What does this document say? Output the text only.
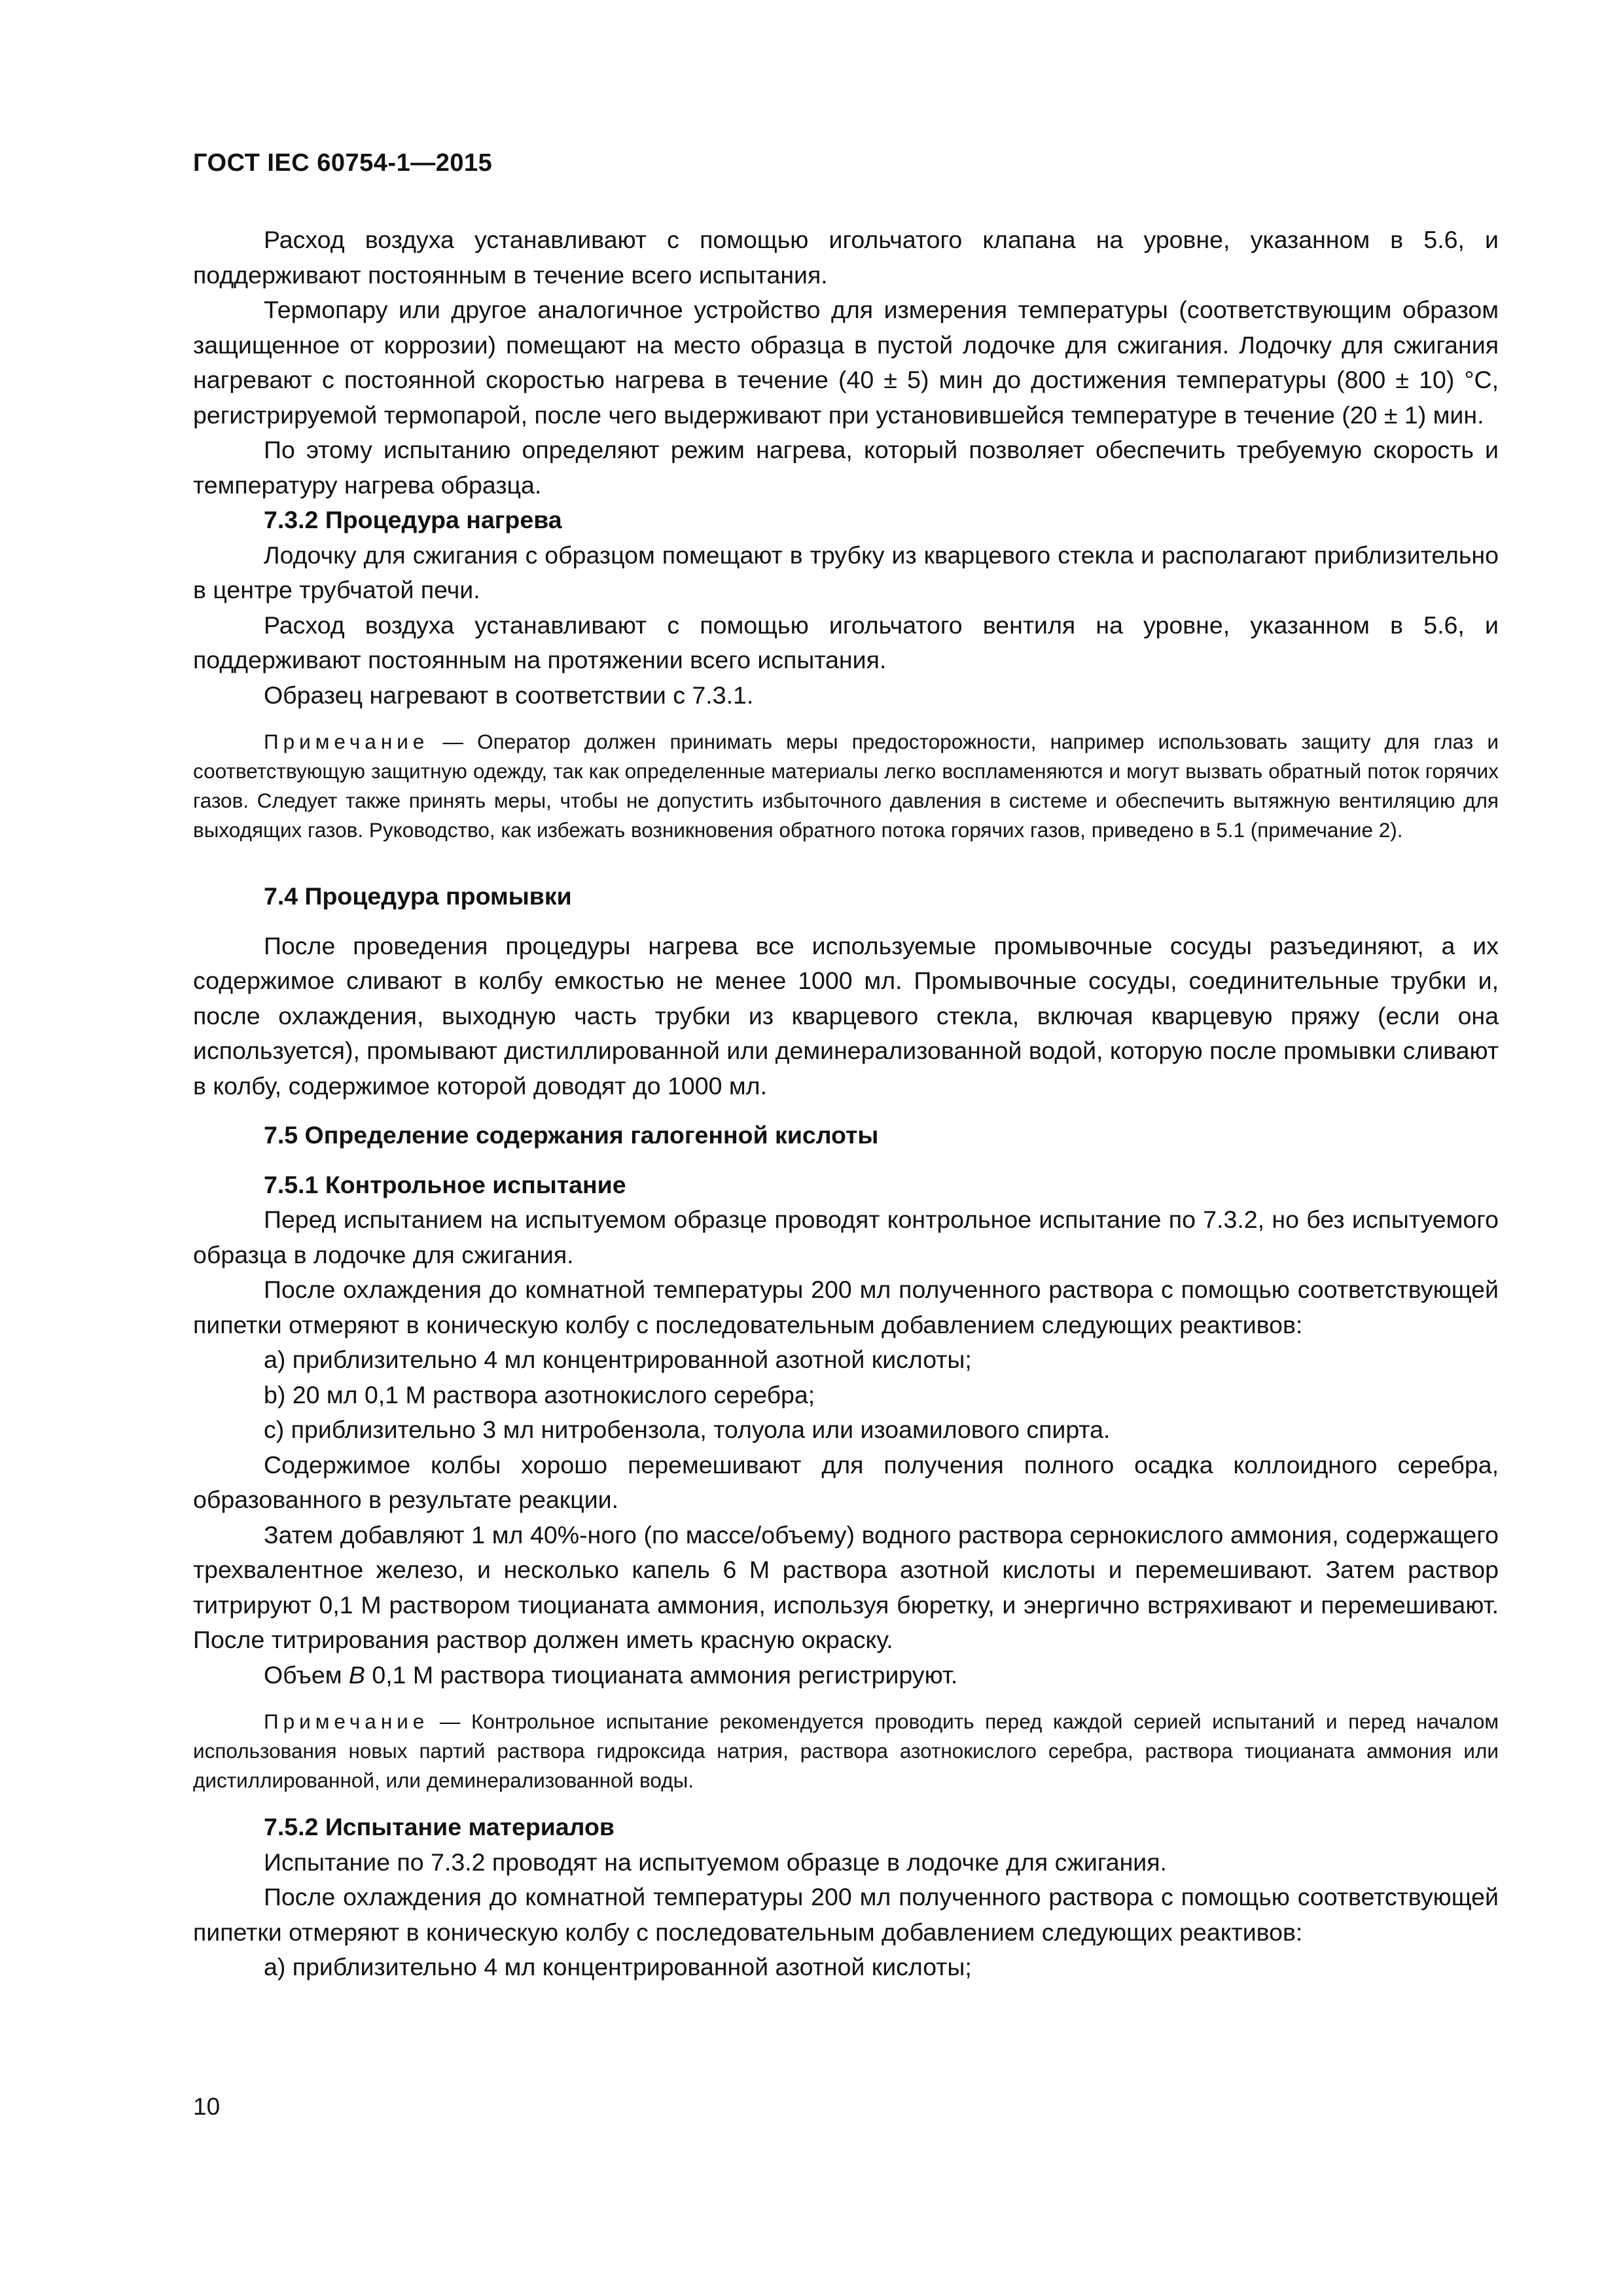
ГОСТ IEC 60754-1—2015

Расход воздуха устанавливают с помощью игольчатого клапана на уровне, указанном в 5.6, и поддерживают постоянным в течение всего испытания.

Термопару или другое аналогичное устройство для измерения температуры (соответствующим образом защищенное от коррозии) помещают на место образца в пустой лодочке для сжигания. Лодочку для сжигания нагревают с постоянной скоростью нагрева в течение (40 ± 5) мин до достижения температуры (800 ± 10) °С, регистрируемой термопарой, после чего выдерживают при установившейся температуре в течение (20 ± 1) мин.

По этому испытанию определяют режим нагрева, который позволяет обеспечить требуемую скорость и температуру нагрева образца.

7.3.2 Процедура нагрева

Лодочку для сжигания с образцом помещают в трубку из кварцевого стекла и располагают приблизительно в центре трубчатой печи.

Расход воздуха устанавливают с помощью игольчатого вентиля на уровне, указанном в 5.6, и поддерживают постоянным на протяжении всего испытания.

Образец нагревают в соответствии с 7.3.1.

Примечание — Оператор должен принимать меры предосторожности, например использовать защиту для глаз и соответствующую защитную одежду, так как определенные материалы легко воспламеняются и могут вызвать обратный поток горячих газов. Следует также принять меры, чтобы не допустить избыточного давления в системе и обеспечить вытяжную вентиляцию для выходящих газов. Руководство, как избежать возникновения обратного потока горячих газов, приведено в 5.1 (примечание 2).

7.4 Процедура промывки

После проведения процедуры нагрева все используемые промывочные сосуды разъединяют, а их содержимое сливают в колбу емкостью не менее 1000 мл. Промывочные сосуды, соединительные трубки и, после охлаждения, выходную часть трубки из кварцевого стекла, включая кварцевую пряжу (если она используется), промывают дистиллированной или деминерализованной водой, которую после промывки сливают в колбу, содержимое которой доводят до 1000 мл.

7.5 Определение содержания галогенной кислоты
7.5.1 Контрольное испытание

Перед испытанием на испытуемом образце проводят контрольное испытание по 7.3.2, но без испытуемого образца в лодочке для сжигания.

После охлаждения до комнатной температуры 200 мл полученного раствора с помощью соответствующей пипетки отмеряют в коническую колбу с последовательным добавлением следующих реактивов:

a) приблизительно 4 мл концентрированной азотной кислоты;

b) 20 мл 0,1 М раствора азотнокислого серебра;

c) приблизительно 3 мл нитробензола, толуола или изоамилового спирта.

Содержимое колбы хорошо перемешивают для получения полного осадка коллоидного серебра, образованного в результате реакции.

Затем добавляют 1 мл 40%-ного (по массе/объему) водного раствора сернокислого аммония, содержащего трехвалентное железо, и несколько капель 6 М раствора азотной кислоты и перемешивают. Затем раствор титрируют 0,1 М раствором тиоцианата аммония, используя бюретку, и энергично встряхивают и перемешивают. После титрирования раствор должен иметь красную окраску.

Объем B 0,1 М раствора тиоцианата аммония регистрируют.

Примечание — Контрольное испытание рекомендуется проводить перед каждой серией испытаний и перед началом использования новых партий раствора гидроксида натрия, раствора азотнокислого серебра, раствора тиоцианата аммония или дистиллированной, или деминерализованной воды.

7.5.2 Испытание материалов

Испытание по 7.3.2 проводят на испытуемом образце в лодочке для сжигания.

После охлаждения до комнатной температуры 200 мл полученного раствора с помощью соответствующей пипетки отмеряют в коническую колбу с последовательным добавлением следующих реактивов:

a) приблизительно 4 мл концентрированной азотной кислоты;

10
